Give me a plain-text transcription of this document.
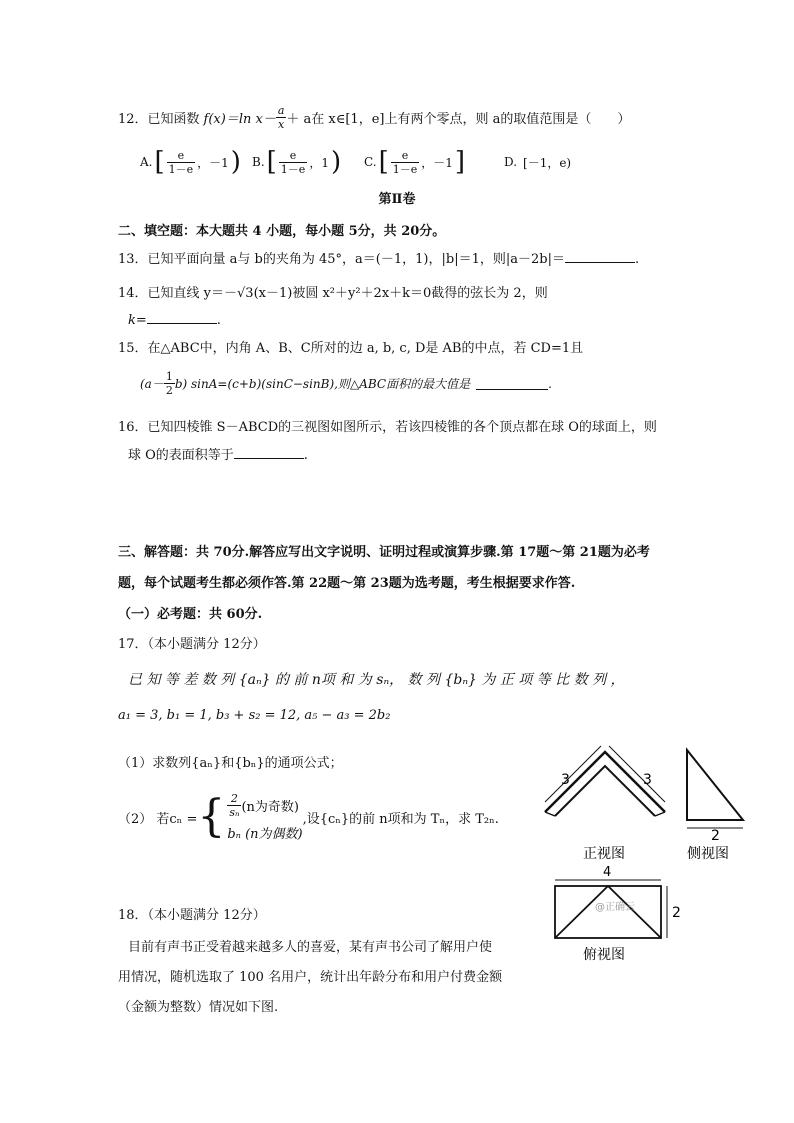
12．已知函数 f(x)＝ln $x- \frac{a}{x} + a$在 x∈[1，e]上有两个零点，则 a的取值范围是（　　）
A. [ $\frac{e}{1-e}$ ，－1 ) B. [ $\frac{e}{1-e}$ ，1 ) C. [ $\frac{e}{1-e}$ ，－1 ]	D. [－1，e)
第Ⅱ卷
二、填空题：本大题共 4 小题，每小题 5分，共 20分。
13．已知平面向量 a与 b的夹角为 45°，a＝(－1，1)，|b|＝1，则|a－2b|＝	.
14．已知直线 y＝－√3(x－1)被圆 x²＋y²＋2x＋k＝0截得的弦长为 2，则
k=	.
15．在△ABC中，内角 A、B、C所对的边 a, b, c, D是 AB的中点，若 CD=1且
$(a- \frac{1}{2} b)$ sinA=(c+b)(sinC−sinB),则△ABC面积的最大值是	.
16．已知四棱锥 S－ABCD的三视图如图所示，若该四棱锥的各个顶点都在球 O的球面上，则
球 O的表面积等于	.
三、解答题：共 70分.解答应写出文字说明、证明过程或演算步骤.第 17题～第 21题为必考
题，每个试题考生都必须作答.第 22题～第 23题为选考题，考生根据要求作答.
（一）必考题：共 60分.
17．（本小题满分 12分）
已 知 等 差 数 列 {aₙ} 的 前 n项 和 为 sₙ， 数 列 {bₙ} 为 正 项 等 比 数 列 ，
a₁ = 3, b₁ = 1, b₃ + s₂ = 12, a₅ − a₃ = 2b₂
（1）求数列{aₙ}和{bₙ}的通项公式；
（2） 若cₙ = { $\frac{2}{\text{sₙ}} (n$为奇数)
bₙ (n为偶数)
,设{cₙ}的前 n项和为 Tₙ，求 T₂ₙ.
18．（本小题满分 12分）
目前有声书正受着越来越多人的喜爱，某有声书公司了解用户使
用情况，随机选取了 100 名用户，统计出年龄分布和用户付费金额
（金额为整数）情况如下图.
3	3
正视图
2
侧视图
4
2
@正确云
俯视图
